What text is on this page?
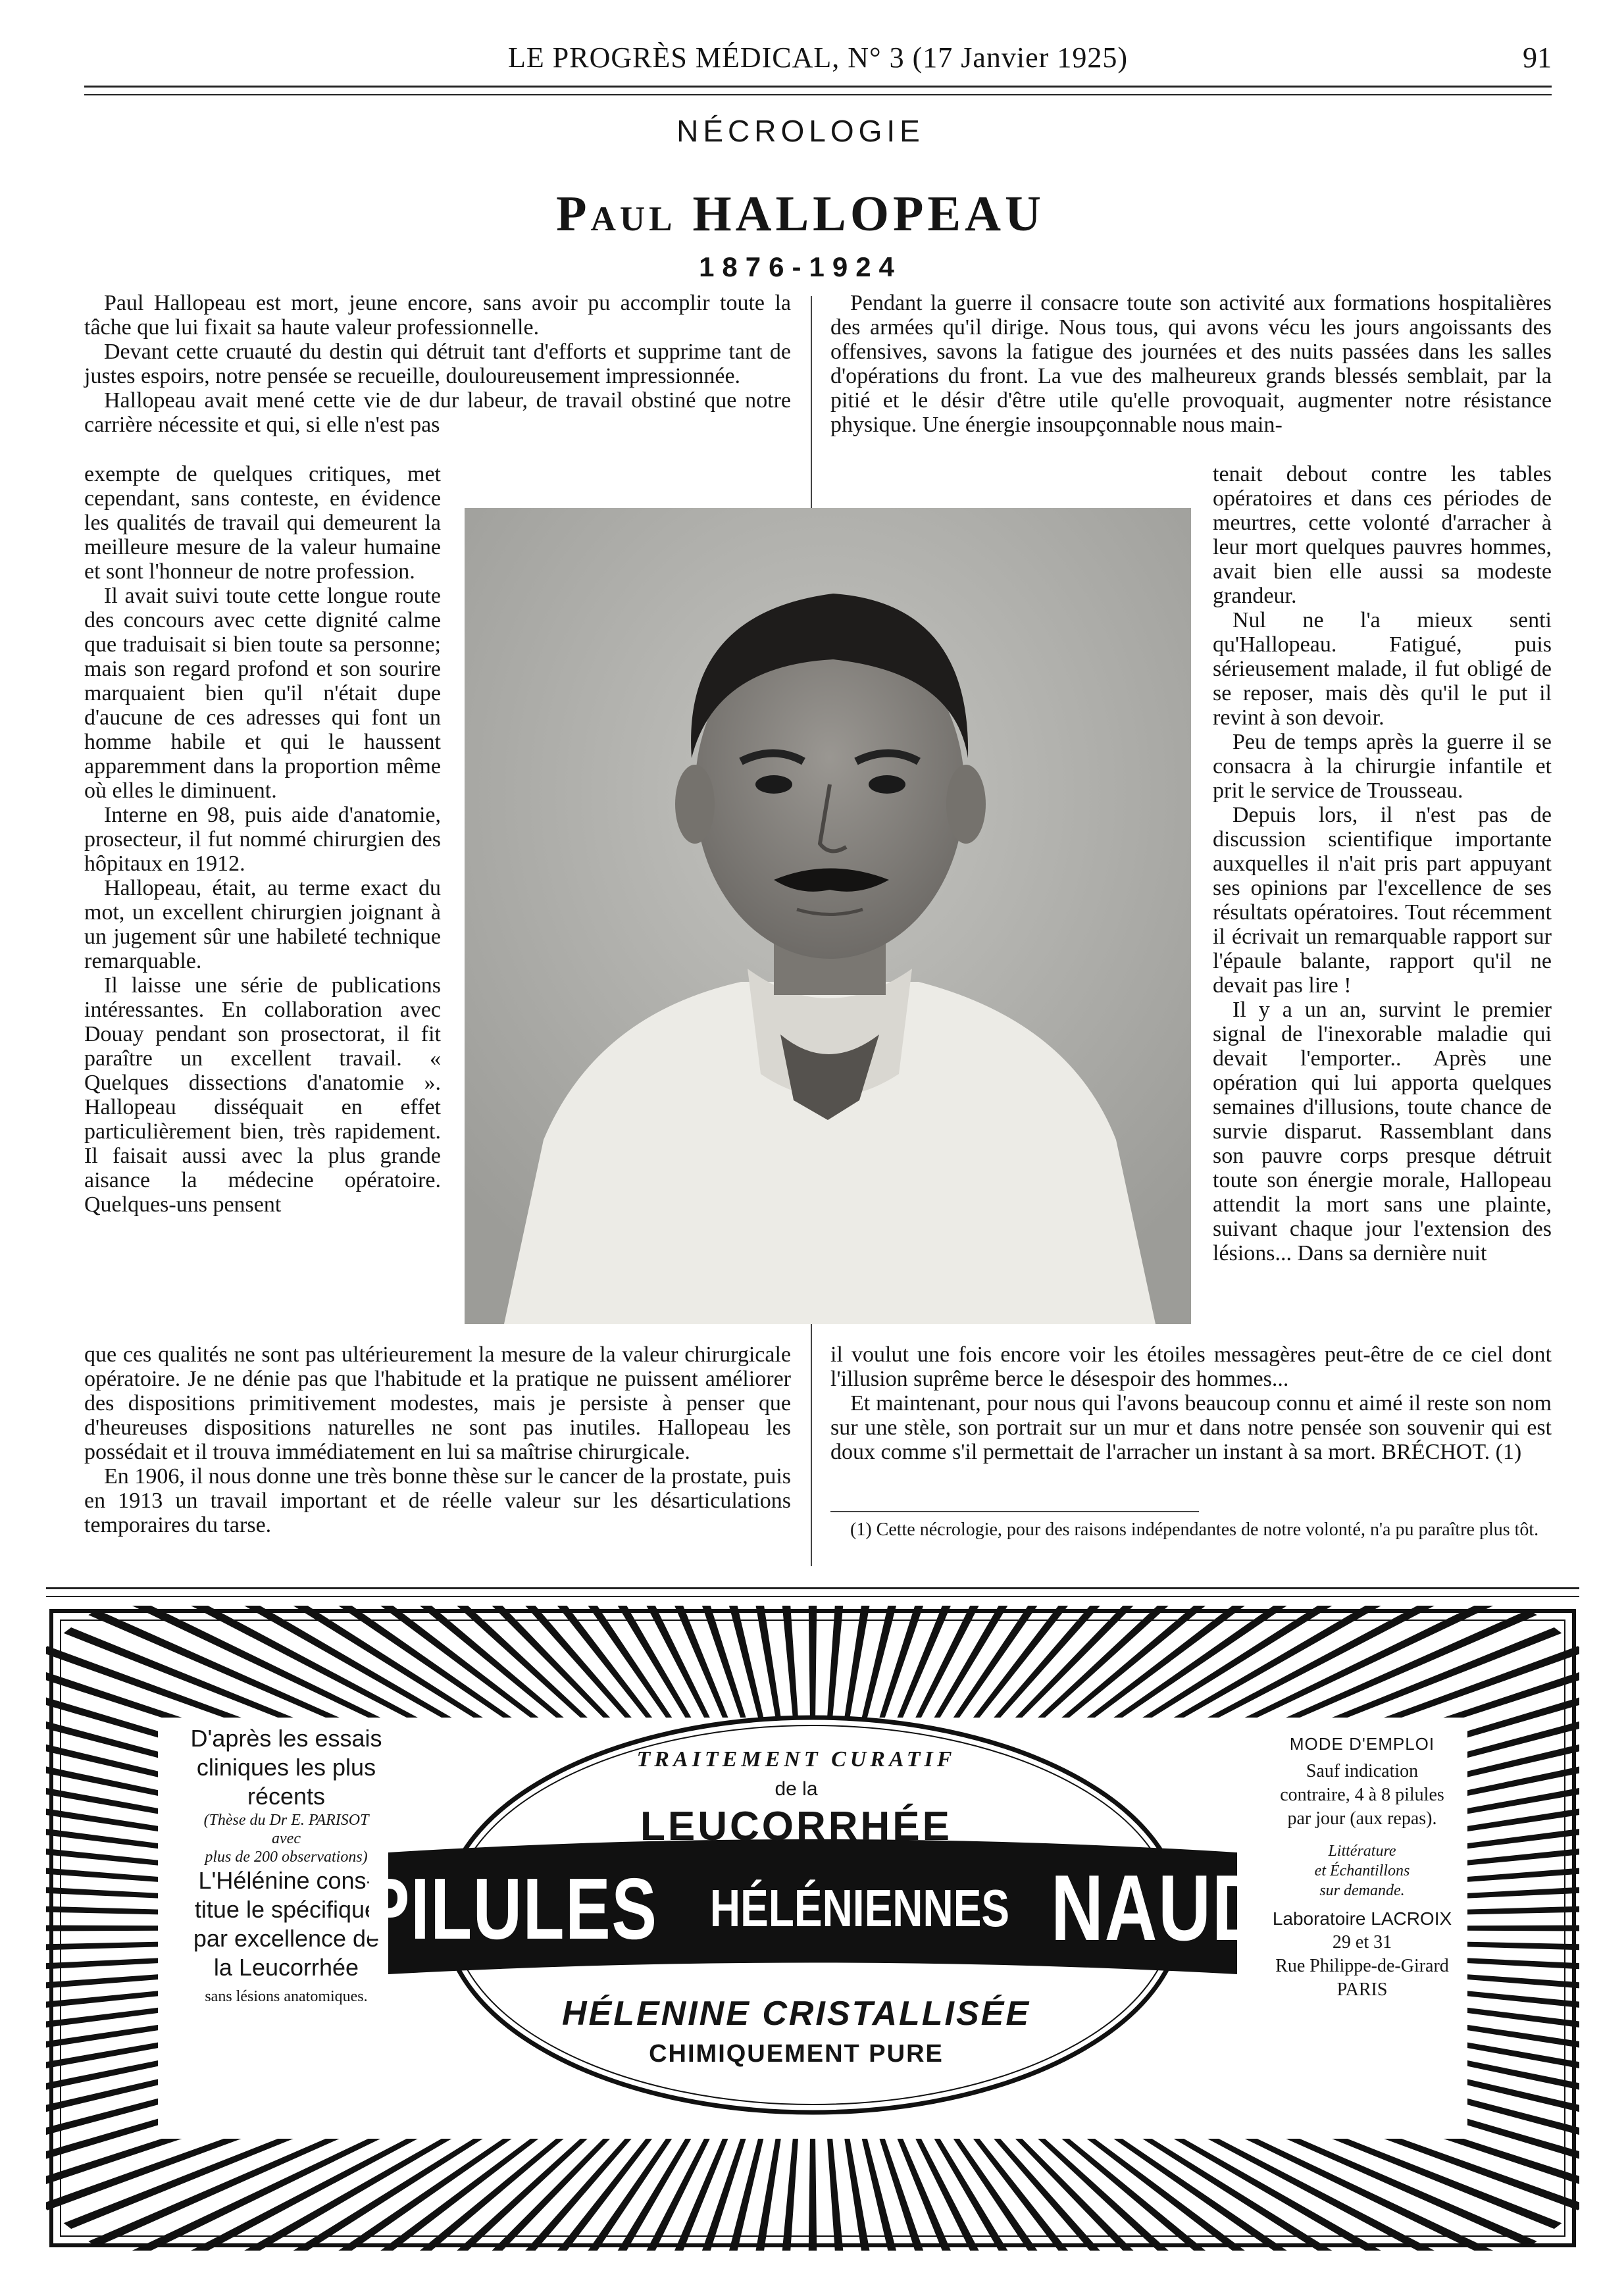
LE PROGRÈS MÉDICAL, N° 3 (17 Janvier 1925)	91
NÉCROLOGIE
Paul HALLOPEAU
1876-1924

Paul Hallopeau est mort, jeune encore, sans avoir pu accomplir toute la tâche que lui fixait sa haute valeur professionnelle.

Devant cette cruauté du destin qui détruit tant d'efforts et supprime tant de justes espoirs, notre pensée se recueille, douloureusement impressionnée.

Hallopeau avait mené cette vie de dur labeur, de travail obstiné que notre carrière nécessite et qui, si elle n'est pas

Pendant la guerre il consacre toute son activité aux formations hospitalières des armées qu'il dirige. Nous tous, qui avons vécu les jours angoissants des offensives, savons la fatigue des journées et des nuits passées dans les salles d'opérations du front. La vue des malheureux grands blessés semblait, par la pitié et le désir d'être utile qu'elle provoquait, augmenter notre résistance physique. Une énergie insoupçonnable nous main-

exempte de quelques critiques, met cependant, sans conteste, en évidence les qualités de travail qui demeurent la meilleure mesure de la valeur humaine et sont l'honneur de notre profession.

Il avait suivi toute cette longue route des concours avec cette dignité calme que traduisait si bien toute sa personne; mais son regard profond et son sourire marquaient bien qu'il n'était dupe d'aucune de ces adresses qui font un homme habile et qui le haussent apparemment dans la proportion même où elles le diminuent.

Interne en 98, puis aide d'anatomie, prosecteur, il fut nommé chirurgien des hôpitaux en 1912.

Hallopeau, était, au terme exact du mot, un excellent chirurgien joignant à un jugement sûr une habileté technique remarquable.

Il laisse une série de publications intéressantes. En collaboration avec Douay pendant son prosectorat, il fit paraître un excellent travail. « Quelques dissections d'anatomie ». Hallopeau disséquait en effet particulièrement bien, très rapidement. Il faisait aussi avec la plus grande aisance la médecine opératoire. Quelques-uns pensent

tenait debout contre les tables opératoires et dans ces périodes de meurtres, cette volonté d'arracher à leur mort quelques pauvres hommes, avait bien elle aussi sa modeste grandeur.

Nul ne l'a mieux senti qu'Hallopeau. Fatigué, puis sérieusement malade, il fut obligé de se reposer, mais dès qu'il le put il revint à son devoir.

Peu de temps après la guerre il se consacra à la chirurgie infantile et prit le service de Trousseau.

Depuis lors, il n'est pas de discussion scientifique importante auxquelles il n'ait pris part appuyant ses opinions par l'excellence de ses résultats opératoires. Tout récemment il écrivait un remarquable rapport sur l'épaule balante, rapport qu'il ne devait pas lire !

Il y a un an, survint le premier signal de l'inexorable maladie qui devait l'emporter.. Après une opération qui lui apporta quelques semaines d'illusions, toute chance de survie disparut. Rassemblant dans son pauvre corps presque détruit toute son énergie morale, Hallopeau attendit la mort sans une plainte, suivant chaque jour l'extension des lésions... Dans sa dernière nuit

que ces qualités ne sont pas ultérieurement la mesure de la valeur chirurgicale opératoire. Je ne dénie pas que l'habitude et la pratique ne puissent améliorer des dispositions primitivement modestes, mais je persiste à penser que d'heureuses dispositions naturelles ne sont pas inutiles. Hallopeau les possédait et il trouva immédiatement en lui sa maîtrise chirurgicale.

En 1906, il nous donne une très bonne thèse sur le cancer de la prostate, puis en 1913 un travail important et de réelle valeur sur les désarticulations temporaires du tarse.

il voulut une fois encore voir les étoiles messagères peut-être de ce ciel dont l'illusion suprême berce le désespoir des hommes...

Et maintenant, pour nous qui l'avons beaucoup connu et aimé il reste son nom sur une stèle, son portrait sur un mur et dans notre pensée son souvenir qui est doux comme s'il permettait de l'arracher un instant à sa mort. BRÉCHOT. (1)

(1) Cette nécrologie, pour des raisons indépendantes de notre volonté, n'a pu paraître plus tôt.
D'après les essais
cliniques les plus
récents
(Thèse du Dr E. PARISOT
avec
plus de 200 observations)
L'Hélénine cons-
titue le spécifique
par excellence de
la Leucorrhée
sans lésions anatomiques.
TRAITEMENT CURATIF
de la
LEUCORRHÉE
PILULES HÉLÉNIENNES NAUD
HÉLENINE CRISTALLISÉE
CHIMIQUEMENT PURE
MODE D'EMPLOI
Sauf indication
contraire, 4 à 8 pilules
par jour (aux repas).
Littérature
et Échantillons
sur demande.
Laboratoire LACROIX
29 et 31
Rue Philippe-de-Girard
PARIS
